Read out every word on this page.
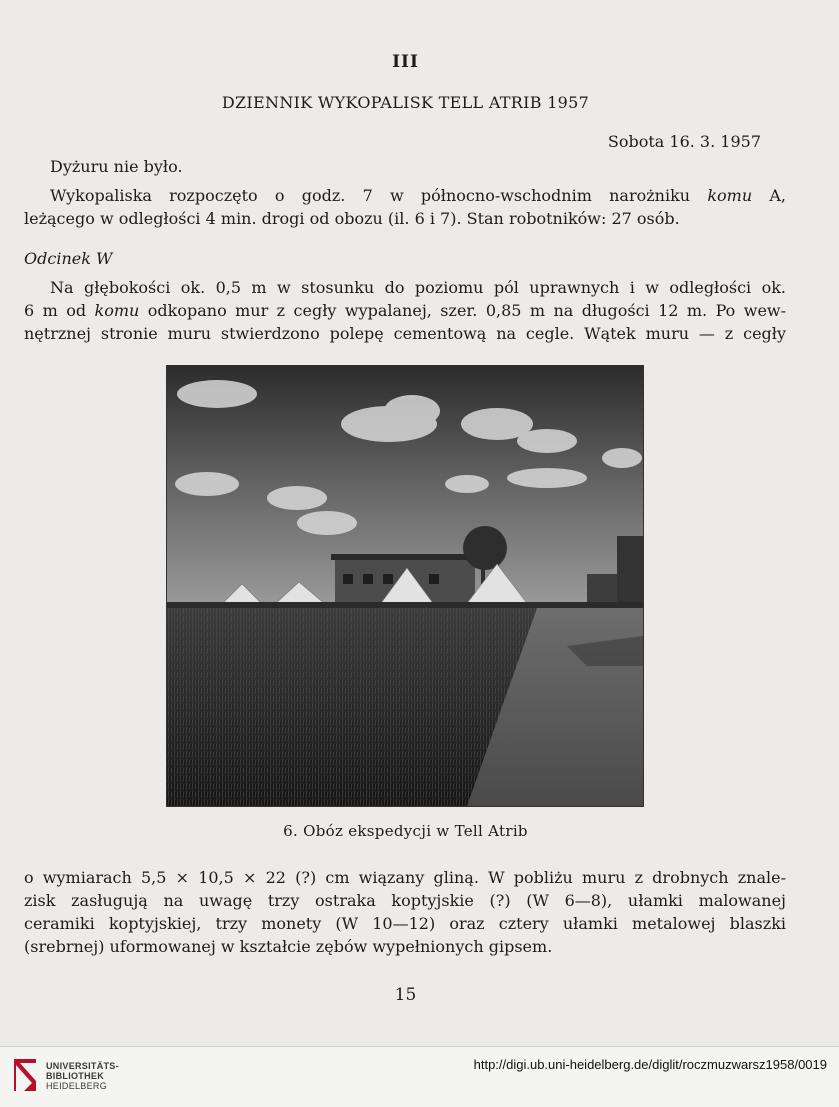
III
DZIENNIK WYKOPALISK TELL ATRIB 1957
Sobota 16. 3. 1957
Dyżuru nie było.
Wykopaliska rozpoczęto o godz. 7 w północno-wschodnim narożniku komu A,
leżącego w odległości 4 min. drogi od obozu (il. 6 i 7). Stan robotników: 27 osób.
Odcinek W
Na głębokości ok. 0,5 m w stosunku do poziomu pól uprawnych i w odległości ok.
6 m od komu odkopano mur z cegły wypalanej, szer. 0,85 m na długości 12 m. Po wew-
nętrznej stronie muru stwierdzono polepę cementową na cegle. Wątek muru — z cegły
6. Obóz ekspedycji w Tell Atrib
o wymiarach 5,5 × 10,5 × 22 (?) cm wiązany gliną. W pobliżu muru z drobnych znale-
zisk zasługują na uwagę trzy ostraka koptyjskie (?) (W 6—8), ułamki malowanej
ceramiki koptyjskiej, trzy monety (W 10—12) oraz cztery ułamki metalowej blaszki
(srebrnej) uformowanej w kształcie zębów wypełnionych gipsem.
15
UNIVERSITÄTS-
BIBLIOTHEK
HEIDELBERG
http://digi.ub.uni-heidelberg.de/diglit/roczmuzwarsz1958/0019
